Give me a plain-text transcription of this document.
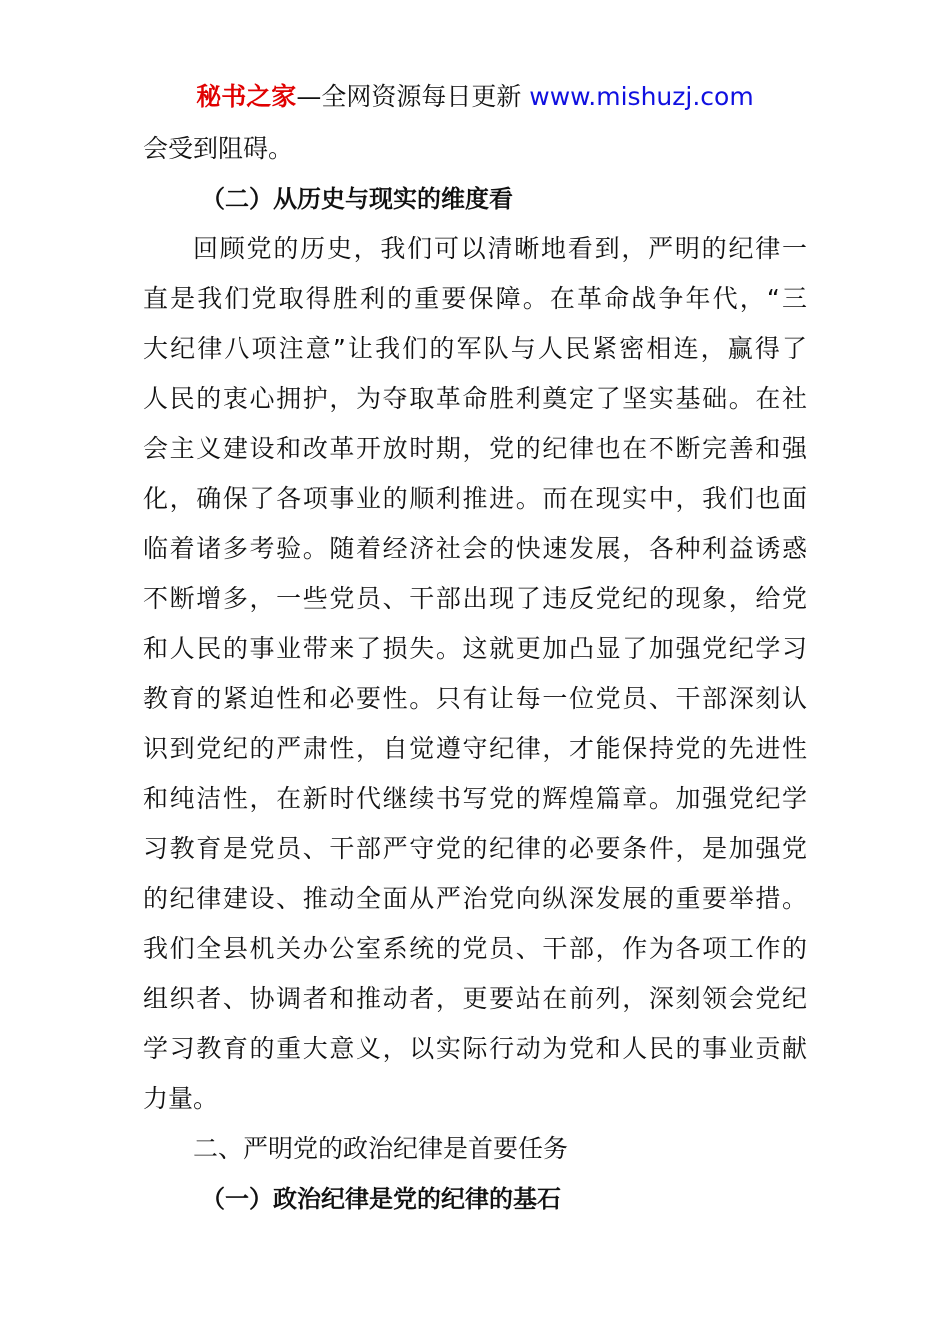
秘书之家—全网资源每日更新 www.mishuzj.com
会受到阻碍。
（二）从历史与现实的维度看
回顾党的历史，我们可以清晰地看到，严明的纪律一
直是我们党取得胜利的重要保障。在革命战争年代，“三
大纪律八项注意”让我们的军队与人民紧密相连，赢得了
人民的衷心拥护，为夺取革命胜利奠定了坚实基础。在社
会主义建设和改革开放时期，党的纪律也在不断完善和强
化，确保了各项事业的顺利推进。而在现实中，我们也面
临着诸多考验。随着经济社会的快速发展，各种利益诱惑
不断增多，一些党员、干部出现了违反党纪的现象，给党
和人民的事业带来了损失。这就更加凸显了加强党纪学习
教育的紧迫性和必要性。只有让每一位党员、干部深刻认
识到党纪的严肃性，自觉遵守纪律，才能保持党的先进性
和纯洁性，在新时代继续书写党的辉煌篇章。加强党纪学
习教育是党员、干部严守党的纪律的必要条件，是加强党
的纪律建设、推动全面从严治党向纵深发展的重要举措。
我们全县机关办公室系统的党员、干部，作为各项工作的
组织者、协调者和推动者，更要站在前列，深刻领会党纪
学习教育的重大意义，以实际行动为党和人民的事业贡献
力量。
二、严明党的政治纪律是首要任务
（一）政治纪律是党的纪律的基石
